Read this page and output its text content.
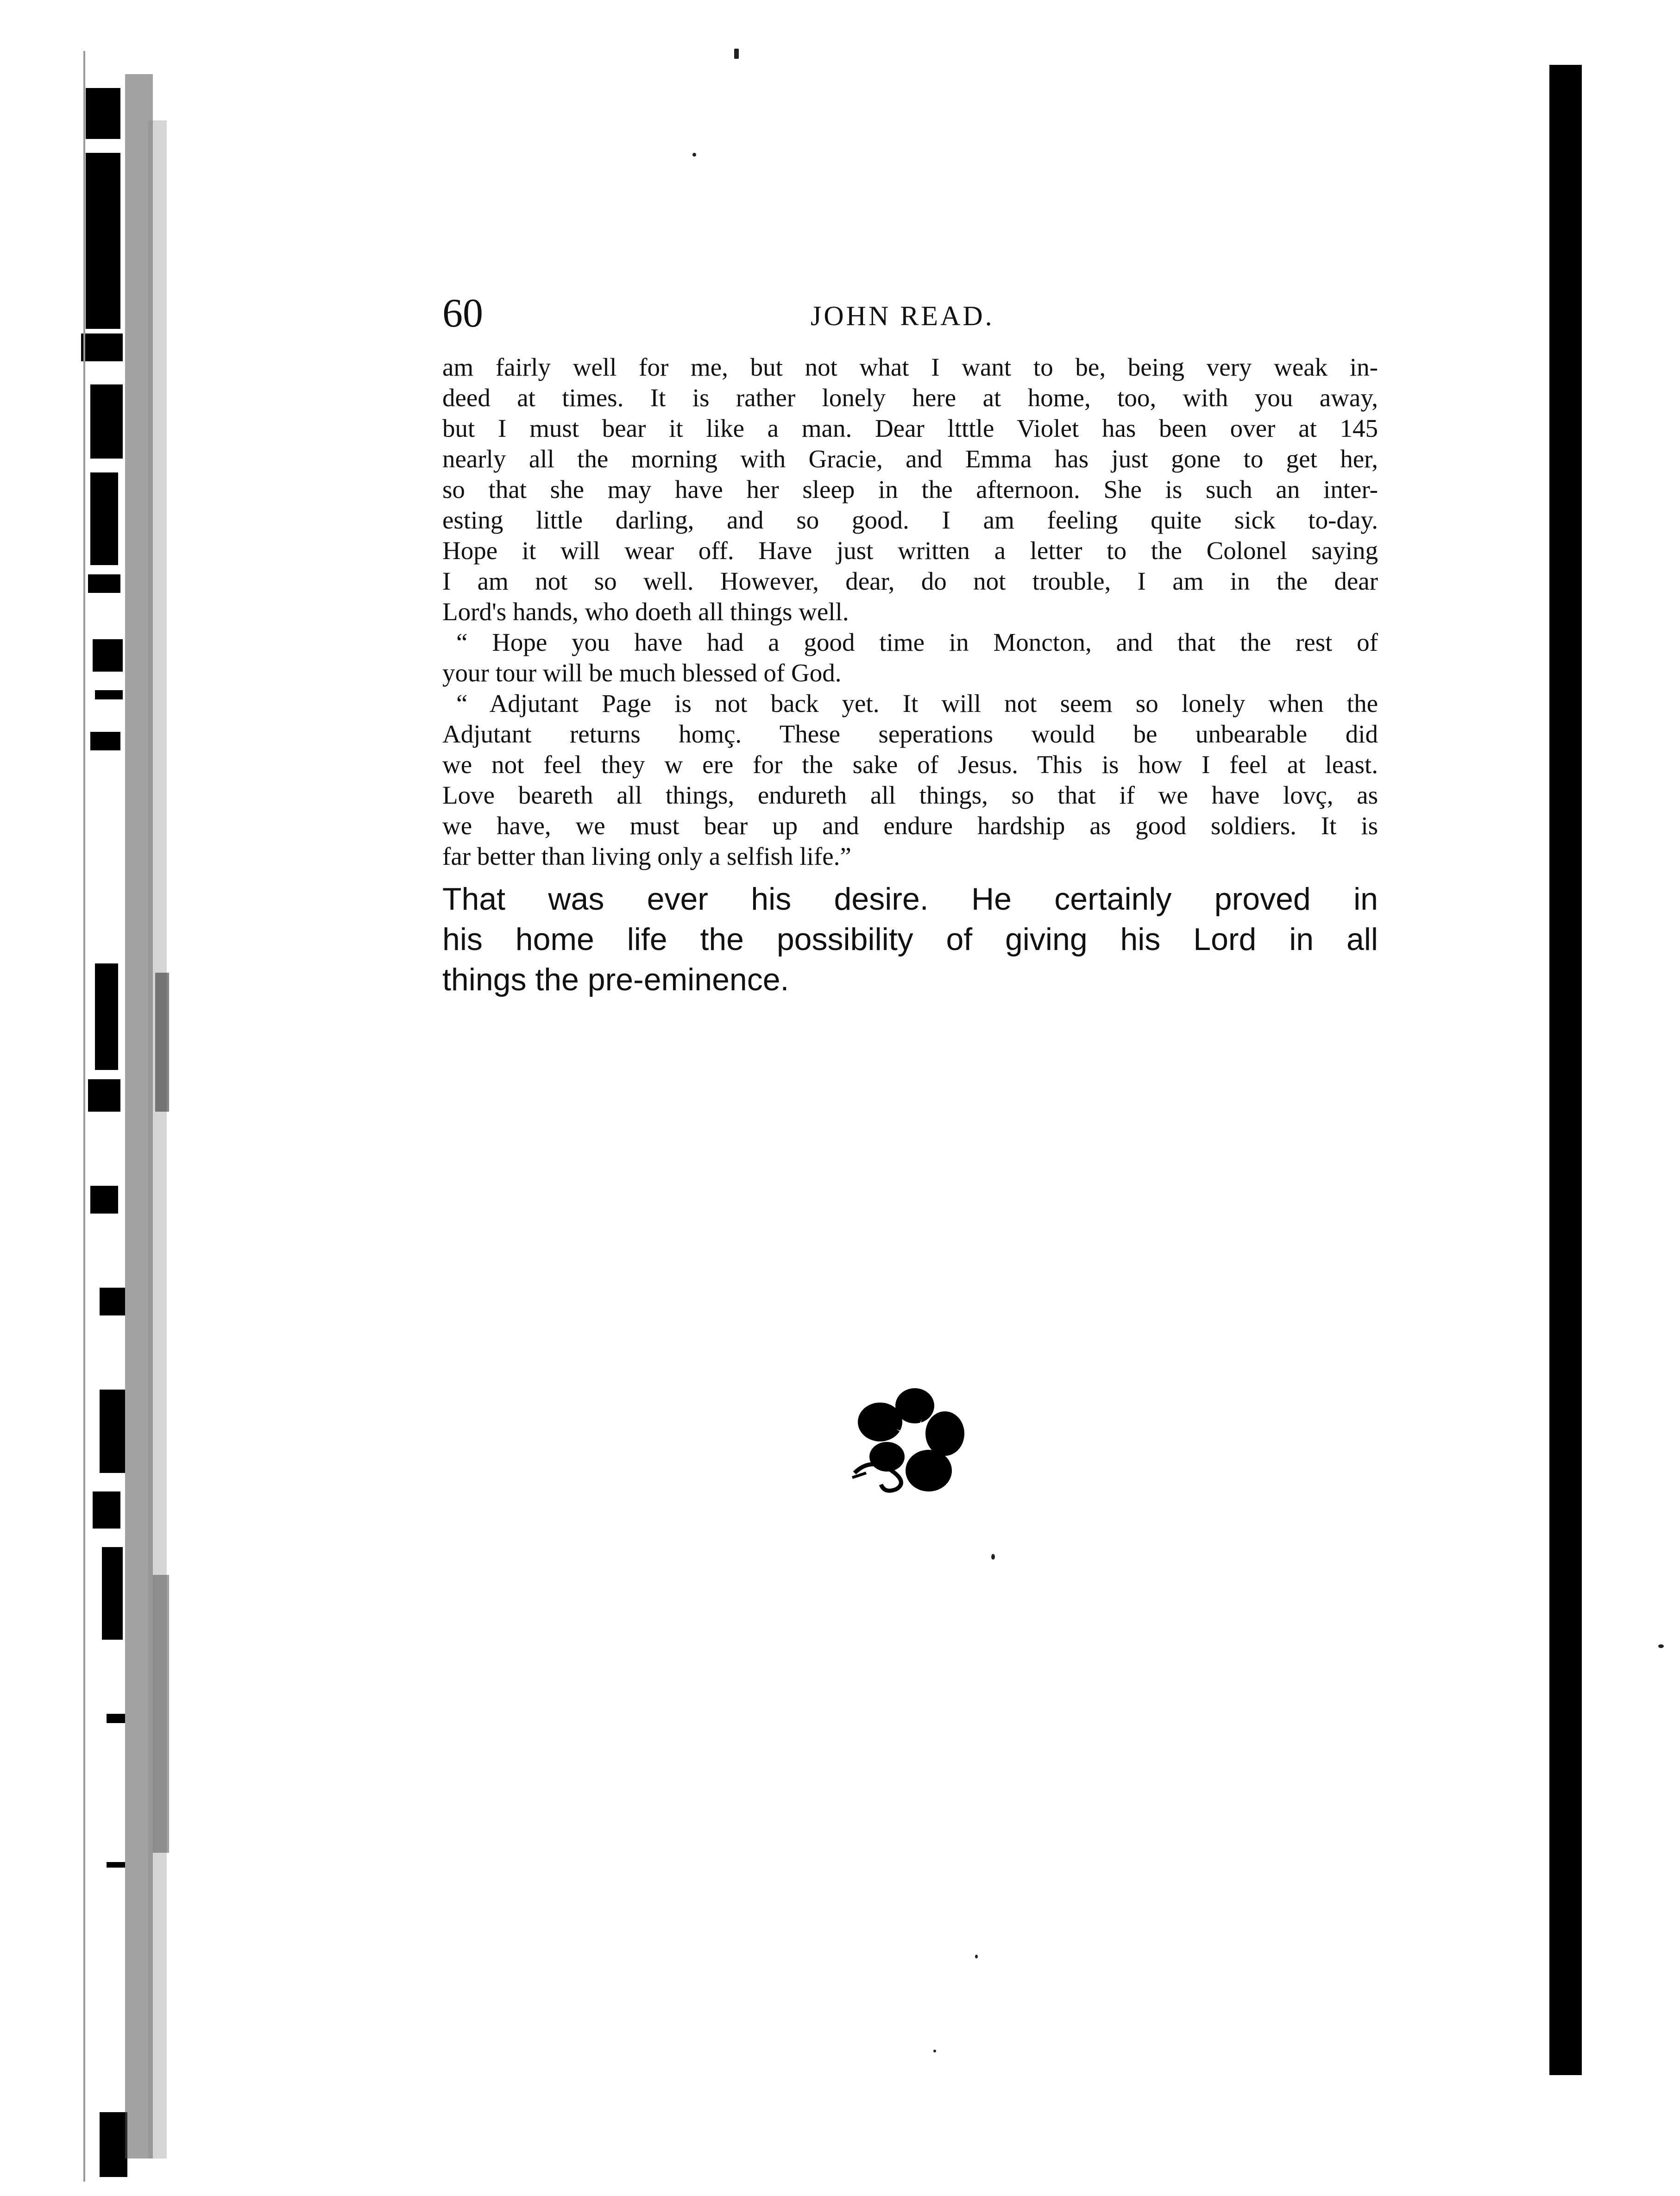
60	JOHN READ.

am fairly well for me, but not what I want to be, being very weak in-

deed at times. It is rather lonely here at home, too, with you away,

but I must bear it like a man. Dear ltttle Violet has been over at 145

nearly all the morning with Gracie, and Emma has just gone to get her,

so that she may have her sleep in the afternoon. She is such an inter-

esting little darling, and so good. I am feeling quite sick to-day.

Hope it will wear off. Have just written a letter to the Colonel saying

I am not so well. However, dear, do not trouble, I am in the dear

Lord's hands, who doeth all things well.

“ Hope you have had a good time in Moncton, and that the rest of

your tour will be much blessed of God.

“ Adjutant Page is not back yet. It will not seem so lonely when the

Adjutant returns homç. These seperations would be unbearable did

we not feel they w ere for the sake of Jesus. This is how I feel at least.

Love beareth all things, endureth all things, so that if we have lovç, as

we have, we must bear up and endure hardship as good soldiers. It is

far better than living only a selfish life.”

That was ever his desire. He certainly proved in

his home life the possibility of giving his Lord in all

things the pre-eminence.
